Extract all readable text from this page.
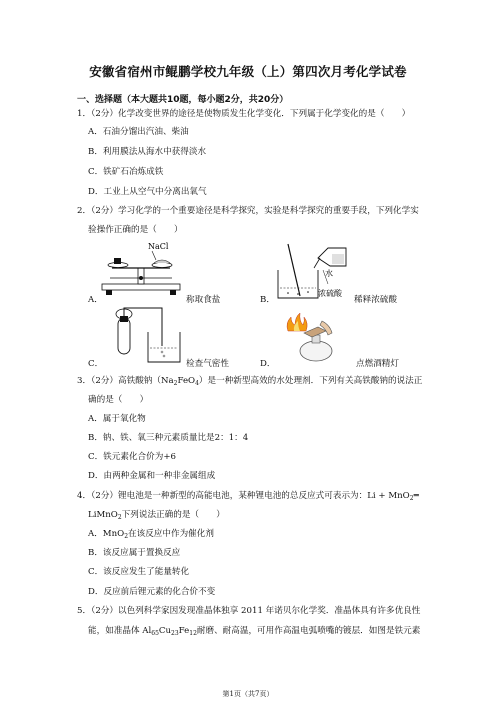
安徽省宿州市鲲鹏学校九年级（上）第四次月考化学试卷
一、选择题（本大题共10题，每小题2分，共20分）
1．（2分）化学改变世界的途径是使物质发生化学变化．下列属于化学变化的是（　　）
A．石油分馏出汽油、柴油
B．利用膜法从海水中获得淡水
C．铁矿石冶炼成铁
D．工业上从空气中分离出氧气
2．（2分）学习化学的一个重要途径是科学探究，实验是科学探究的重要手段，下列化学实
验操作正确的是（　　）
NaCl
A．	称取食盐
水
浓硫酸
B．	稀释浓硫酸
C．	检查气密性	D．	点燃酒精灯
3．（2分）高铁酸钠$(Na_2FeO_4)$是一种新型高效的水处理剂．下列有关高铁酸钠的说法正
确的是（　　）
A．属于氧化物
B．钠、铁、氧三种元素质量比是2：1：4
C．铁元素化合价为+6
D．由两种金属和一种非金属组成
4．（2分）锂电池是一种新型的高能电池，某种锂电池的总反应式可表示为：Li + MnO$_2$═
LiMnO$_2$下列说法正确的是（　　）
A．MnO$_2$在该反应中作为催化剂
B．该反应属于置换反应
C．该反应发生了能量转化
D．反应前后锂元素的化合价不变
5．（2分）以色列科学家因发现准晶体独享 2011 年诺贝尔化学奖．准晶体具有许多优良性
能，如准晶体 $Al_{65}Cu_{23}Fe_{12}$耐磨、耐高温，可用作高温电弧喷嘴的镀层．如图是铁元素
第1页（共7页）
